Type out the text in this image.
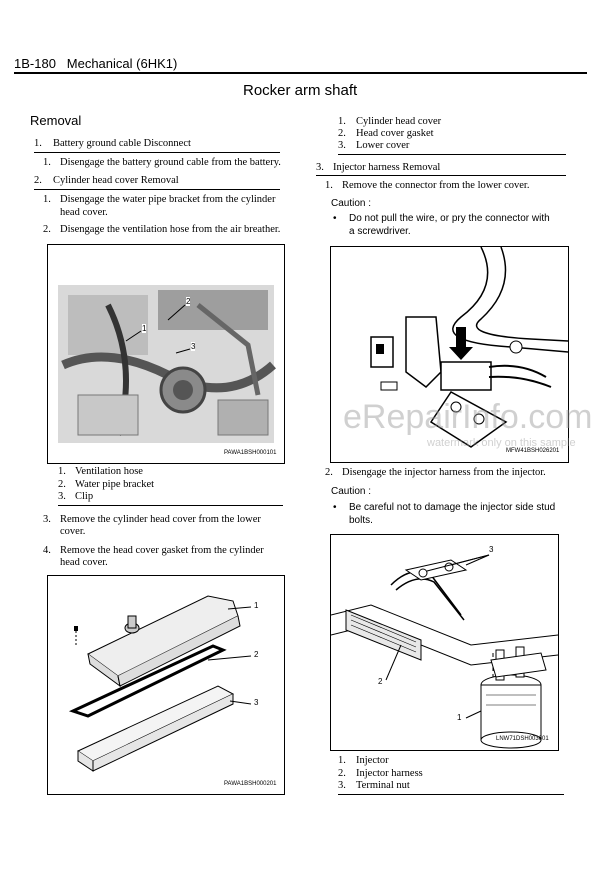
1B-180 Mechanical (6HK1)
Rocker arm shaft
Removal
1. Battery ground cable Disconnect
1. Disengage the battery ground cable from the battery.
2. Cylinder head cover Removal
1. Disengage the water pipe bracket from the cylinder
head cover.
2. Disengage the ventilation hose from the air breather.
1
2
3
PAWA1BSH000101
1. Ventilation hose
2. Water pipe bracket
3. Clip
3. Remove the cylinder head cover from the lower
cover.
4. Remove the head cover gasket from the cylinder
head cover.
1
2
3
PAWA1BSH000201
1. Cylinder head cover
2. Head cover gasket
3. Lower cover
3. Injector harness Removal
1. Remove the connector from the lower cover.
Caution :
• Do not pull the wire, or pry the connector with
a screwdriver.
MFW41BSH026201
2. Disengage the injector harness from the injector.
Caution :
• Be careful not to damage the injector side stud
bolts.
3
2
1
LNW71DSH003601
1. Injector
2. Injector harness
3. Terminal nut
eRepairInfo.com
watermark only on this sample
